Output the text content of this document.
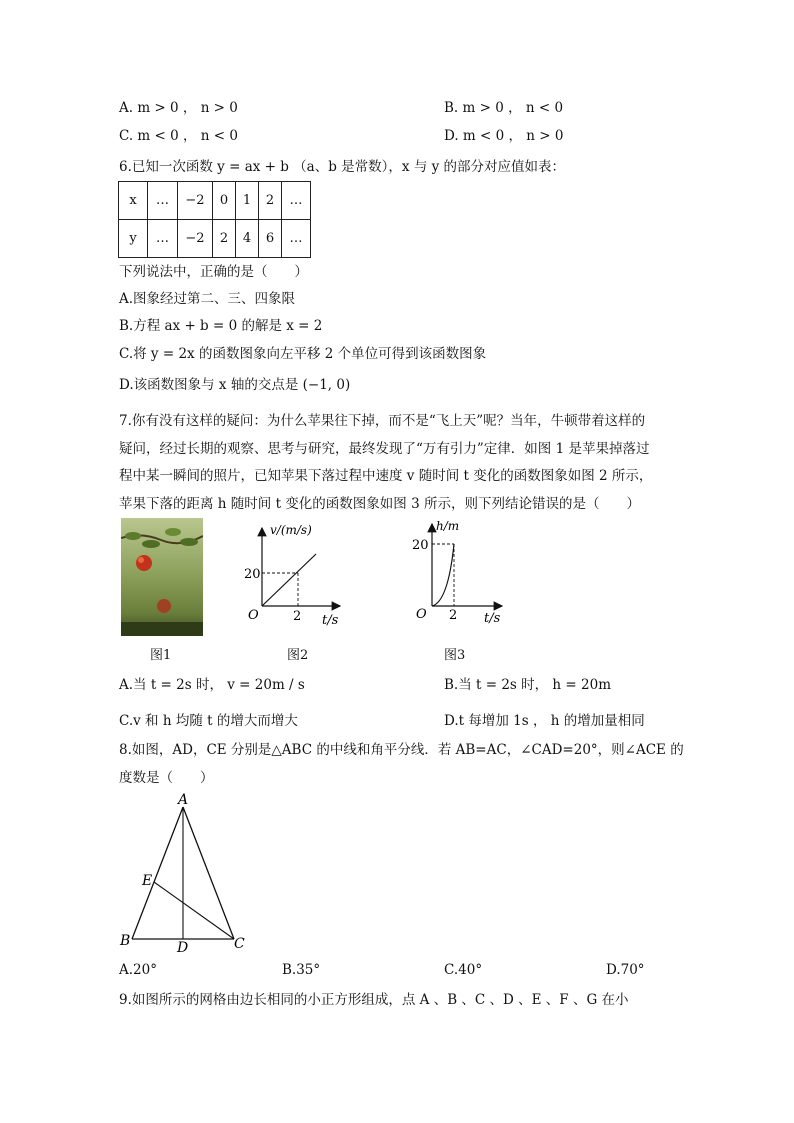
A. m > 0 ， n > 0	B. m > 0 ， n < 0
C. m < 0 ， n < 0	D. m < 0 ， n > 0
6.已知一次函数 y = ax + b （a、b 是常数），x 与 y 的部分对应值如表：
x	…	−2	0	1	2	…
y	…	−2	2	4	6	…
下列说法中，正确的是（　　）
A.图象经过第二、三、四象限
B.方程 ax + b = 0 的解是 x = 2
C.将 y = 2x 的函数图象向左平移 2 个单位可得到该函数图象
D.该函数图象与 x 轴的交点是 (−1, 0)
7.你有没有这样的疑问：为什么苹果往下掉，而不是“飞上天”呢？当年，牛顿带着这样的
疑问，经过长期的观察、思考与研究，最终发现了“万有引力”定律．如图 1 是苹果掉落过
程中某一瞬间的照片，已知苹果下落过程中速度 v 随时间 t 变化的函数图象如图 2 所示，
苹果下落的距离 h 随时间 t 变化的函数图象如图 3 所示，则下列结论错误的是（　　）
v/(m/s)
t/s
O
20
2
h/m
t/s
O
20
2
图1	图2	图3
A.当 t = 2s 时， v = 20m / s	B.当 t = 2s 时， h = 20m
C.v 和 h 均随 t 的增大而增大	D.t 每增加 1s ， h 的增加量相同
8.如图，AD，CE 分别是△ABC 的中线和角平分线．若 AB=AC，∠CAD=20°，则∠ACE 的
度数是（　　）
A
B	C
D
E
A.20°	B.35°	C.40°	D.70°
9.如图所示的网格由边长相同的小正方形组成，点 A 、B 、C 、D 、E 、F 、G 在小
